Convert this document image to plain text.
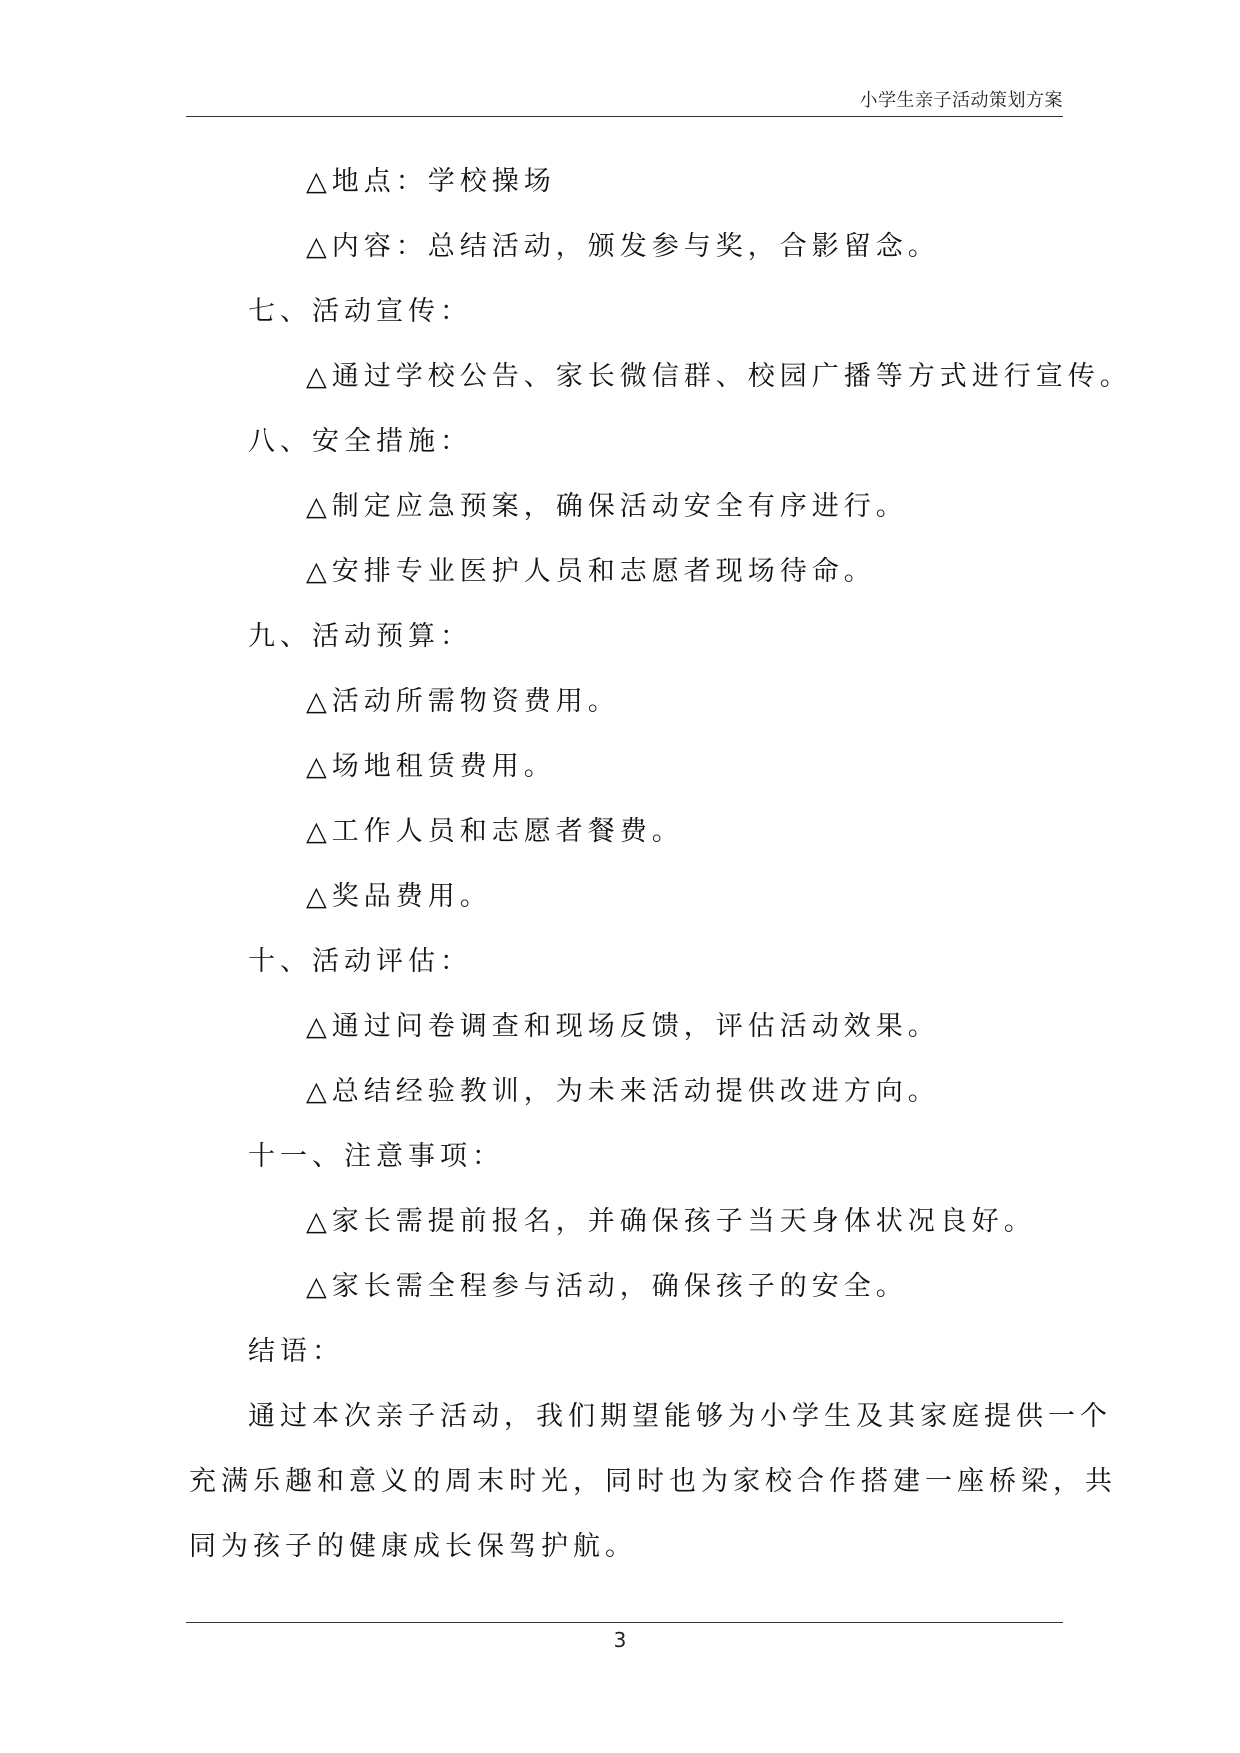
小学生亲子活动策划方案
△地点：学校操场
△内容：总结活动，颁发参与奖，合影留念。
七、活动宣传：
△通过学校公告、家长微信群、校园广播等方式进行宣传。
八、安全措施：
△制定应急预案，确保活动安全有序进行。
△安排专业医护人员和志愿者现场待命。
九、活动预算：
△活动所需物资费用。
△场地租赁费用。
△工作人员和志愿者餐费。
△奖品费用。
十、活动评估：
△通过问卷调查和现场反馈，评估活动效果。
△总结经验教训，为未来活动提供改进方向。
十一、注意事项：
△家长需提前报名，并确保孩子当天身体状况良好。
△家长需全程参与活动，确保孩子的安全。
结语：
通过本次亲子活动，我们期望能够为小学生及其家庭提供一个
充满乐趣和意义的周末时光，同时也为家校合作搭建一座桥梁，共
同为孩子的健康成长保驾护航。
3
